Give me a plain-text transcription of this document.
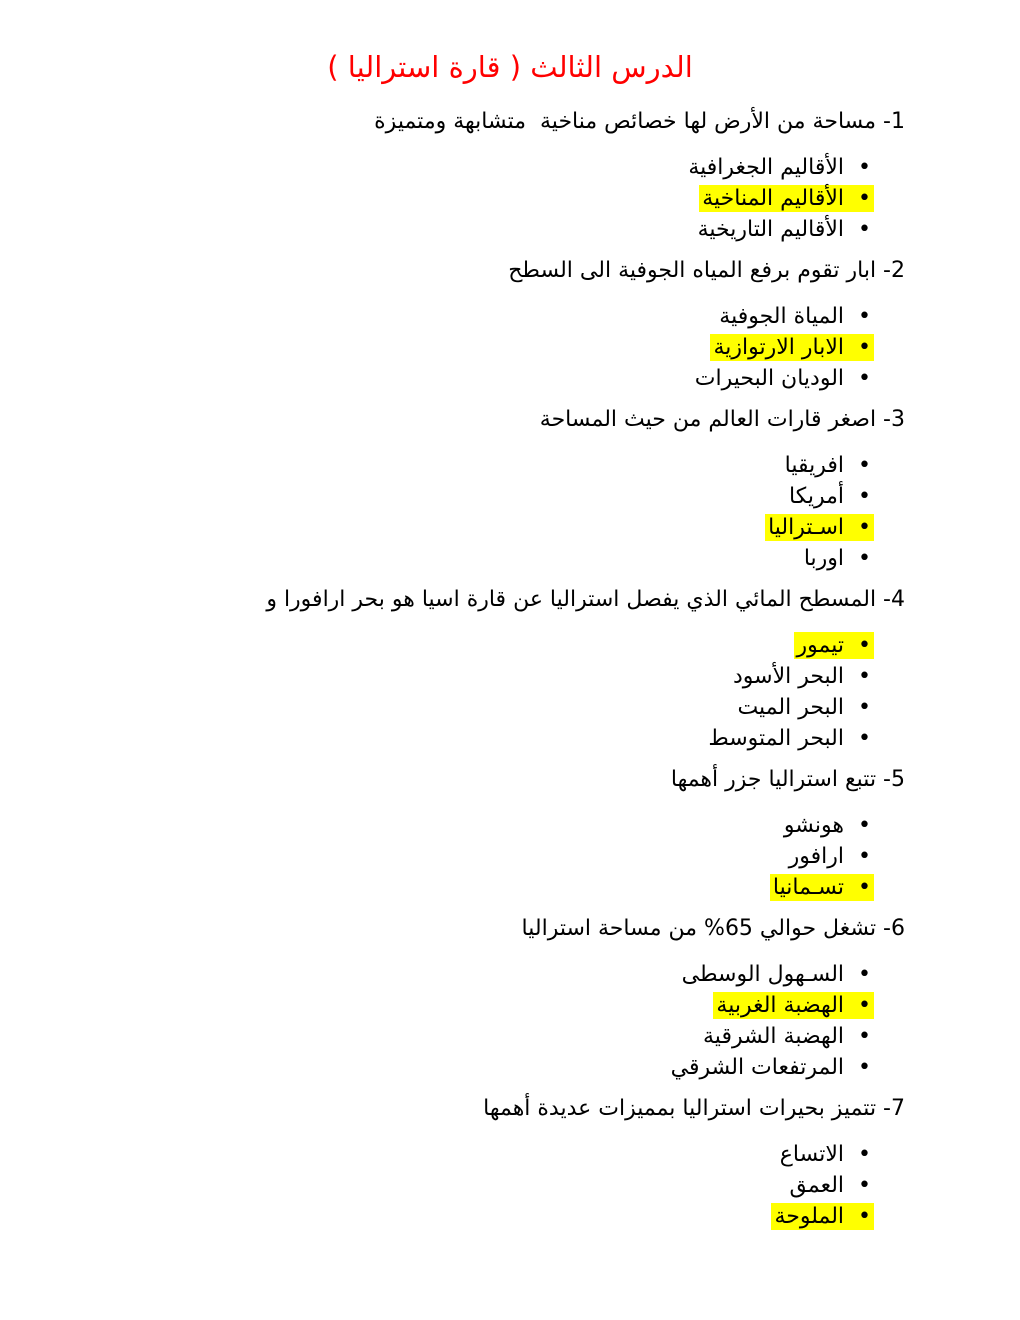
الدرس الثالث ( قارة استراليا )
1- مساحة من الأرض لها خصائص مناخية  متشابهة ومتميزة
•الأقاليم الجغرافية
•الأقاليم المناخية
•الأقاليم التاريخية
2- ابار تقوم برفع المياه الجوفية الى السطح
•المياة الجوفية
•الابار الارتوازية
•الوديان البحيرات
3- اصغر قارات العالم من حيث المساحة
•افريقيا
•أمريكا
•اسـتراليا
•اوربا
4- المسطح المائي الذي يفصل استراليا عن قارة اسيا هو بحر ارافورا و
•تيمور
•البحر الأسود
•البحر الميت
•البحر المتوسط
5- تتبع استراليا جزر أهمها
•هونشو
•ارافور
•تسـمانيا
6- تشغل حوالي 65% من مساحة استراليا
•السـهول الوسطى
•الهضبة الغربية
•الهضبة الشرقية
•المرتفعات الشرقي
7- تتميز بحيرات استراليا بمميزات عديدة أهمها
•الاتساع
•العمق
•الملوحة
